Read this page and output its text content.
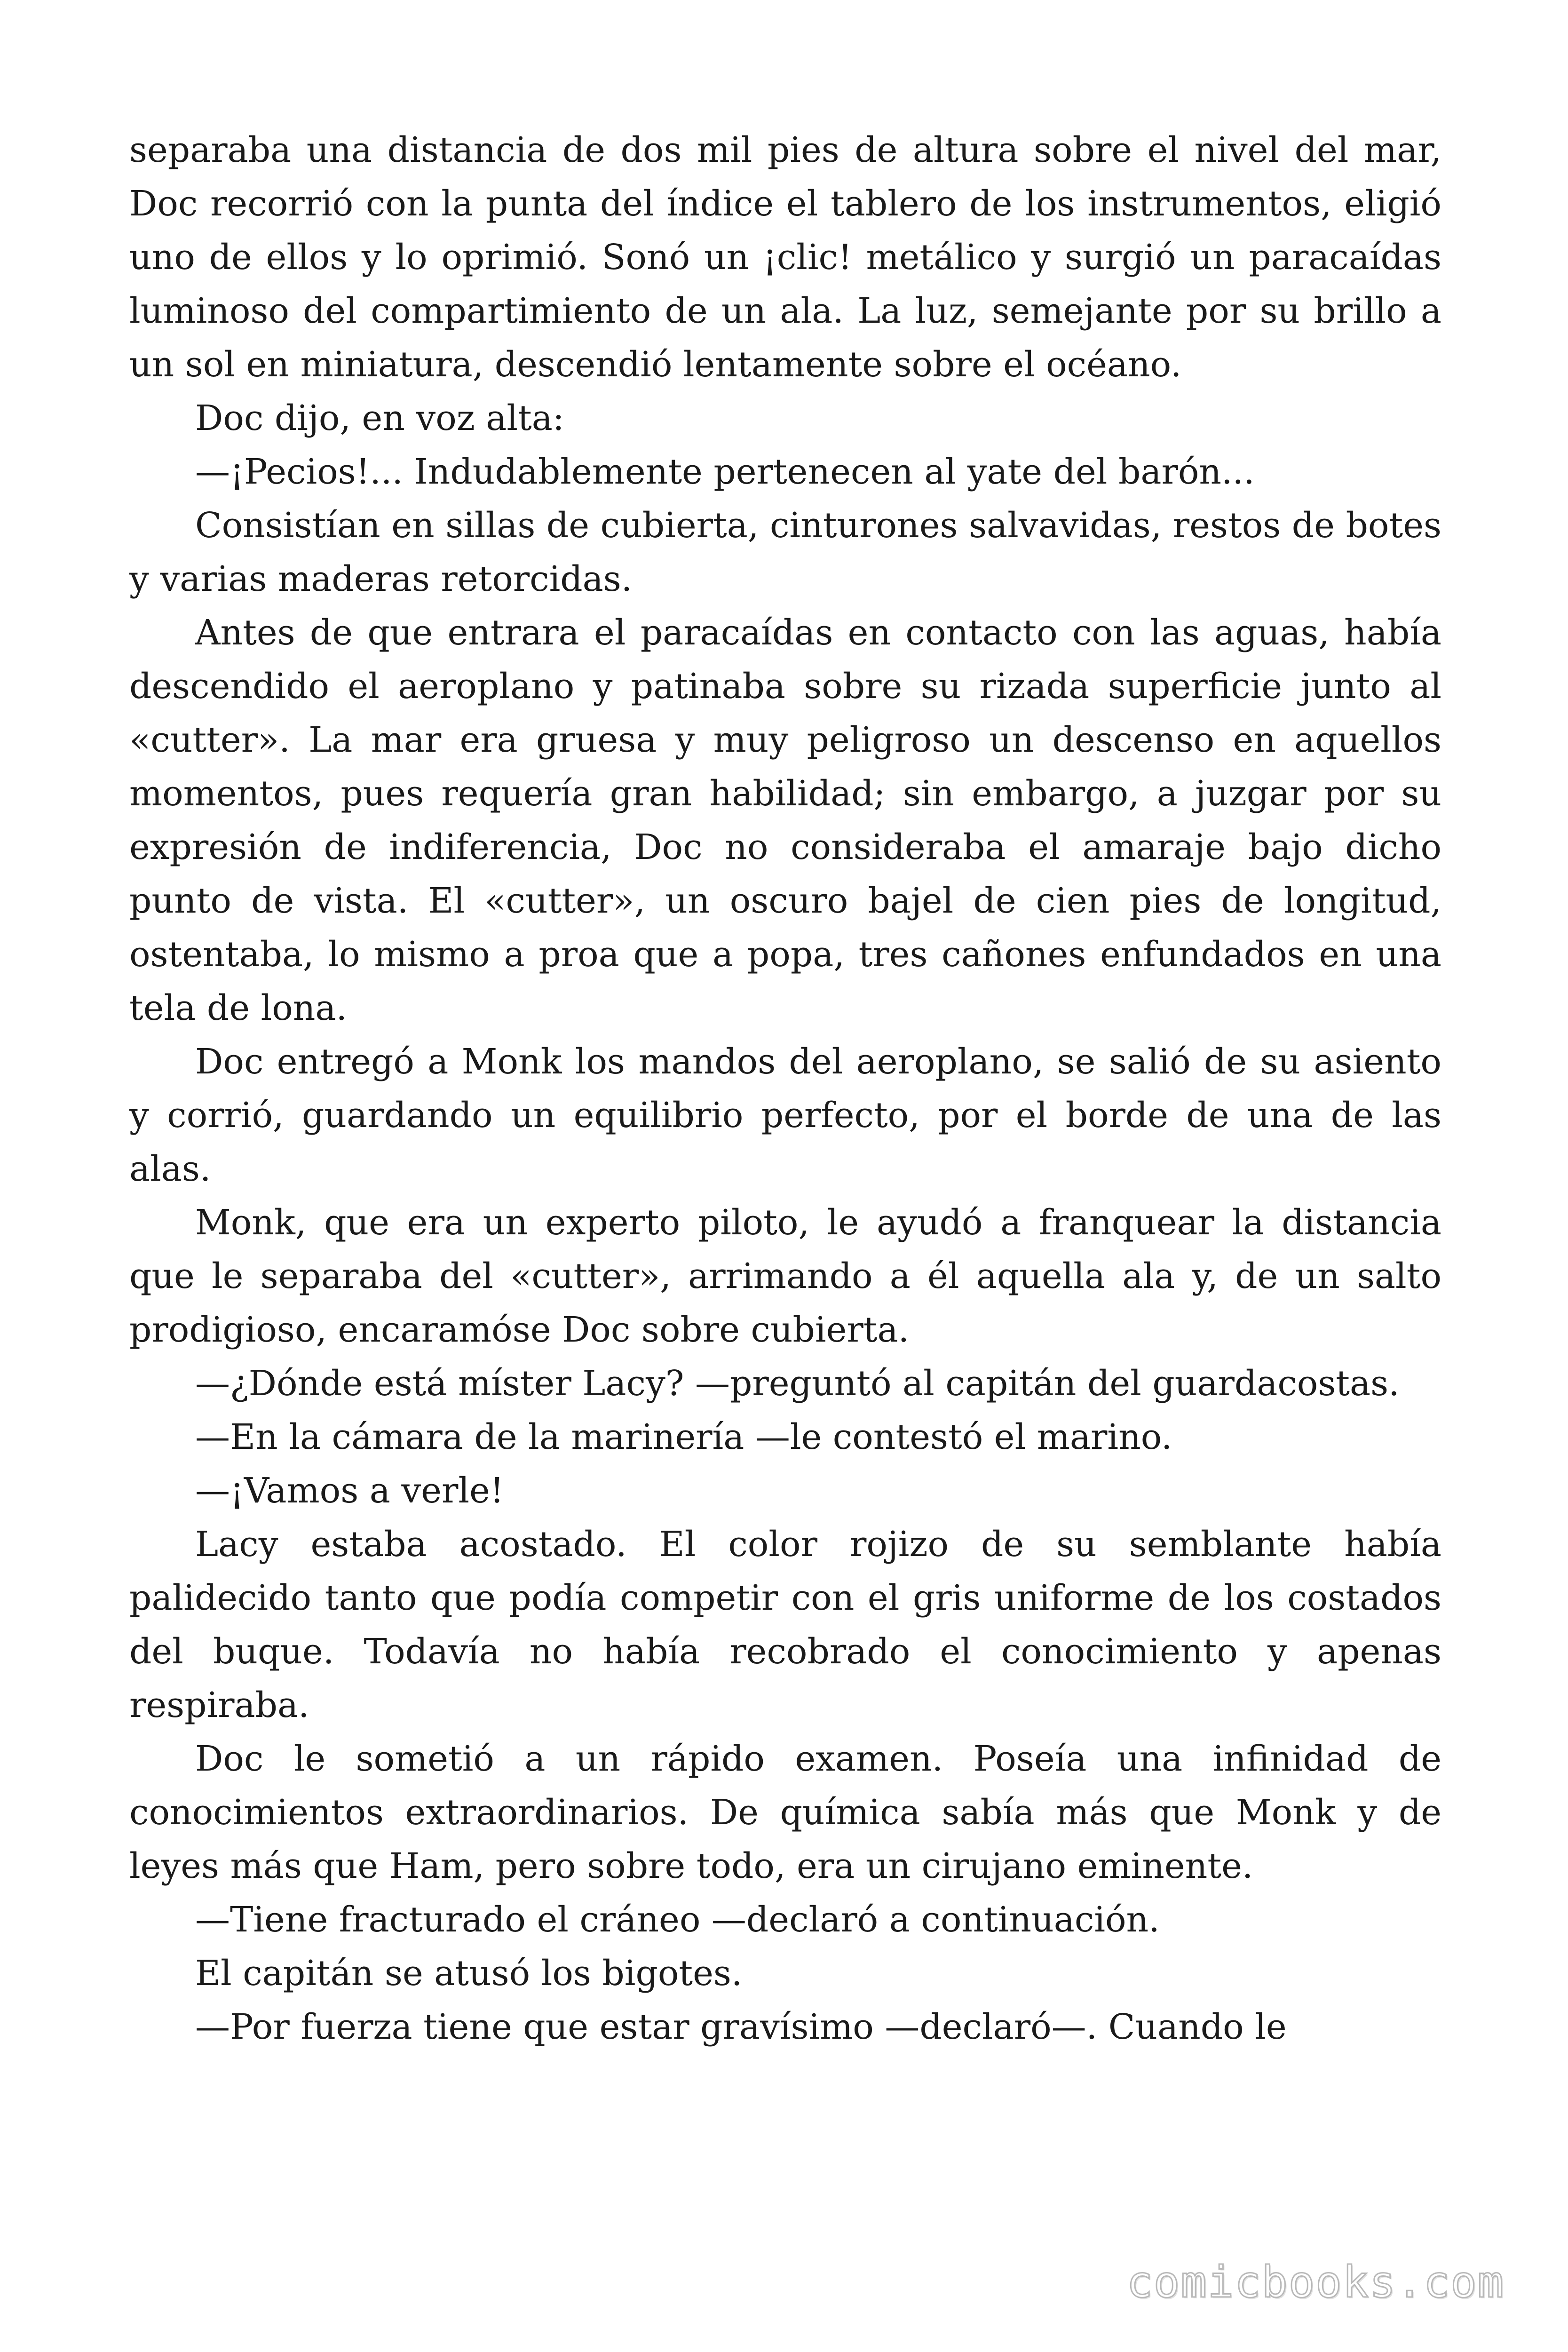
separaba una distancia de dos mil pies de altura sobre el nivel del mar, Doc recorrió con la punta del índice el tablero de los instrumentos, eligió uno de ellos y lo oprimió. Sonó un ¡clic! metálico y surgió un paracaídas luminoso del compartimiento de un ala. La luz, semejante por su brillo a un sol en miniatura, descendió lentamente sobre el océano.

Doc dijo, en voz alta:

—¡Pecios!... Indudablemente pertenecen al yate del barón...

Consistían en sillas de cubierta, cinturones salvavidas, restos de botes y varias maderas retorcidas.

Antes de que entrara el paracaídas en contacto con las aguas, había descendido el aeroplano y patinaba sobre su rizada superficie junto al «cutter». La mar era gruesa y muy peligroso un descenso en aquellos momentos, pues requería gran habilidad; sin embargo, a juzgar por su expresión de indiferencia, Doc no consideraba el amaraje bajo dicho punto de vista. El «cutter», un oscuro bajel de cien pies de longitud, ostentaba, lo mismo a proa que a popa, tres cañones enfundados en una tela de lona.

Doc entregó a Monk los mandos del aeroplano, se salió de su asiento y corrió, guardando un equilibrio perfecto, por el borde de una de las alas.

Monk, que era un experto piloto, le ayudó a franquear la distancia que le separaba del «cutter», arrimando a él aquella ala y, de un salto prodigioso, encaramóse Doc sobre cubierta.

—¿Dónde está míster Lacy? —preguntó al capitán del guardacostas.

—En la cámara de la marinería —le contestó el marino.

—¡Vamos a verle!

Lacy estaba acostado. El color rojizo de su semblante había palidecido tanto que podía competir con el gris uniforme de los costados del buque. Todavía no había recobrado el conocimiento y apenas respiraba.

Doc le sometió a un rápido examen. Poseía una infinidad de conocimientos extraordinarios. De química sabía más que Monk y de leyes más que Ham, pero sobre todo, era un cirujano eminente.

—Tiene fracturado el cráneo —declaró a continuación.

El capitán se atusó los bigotes.

—Por fuerza tiene que estar gravísimo —declaró—. Cuando le

comicbooks.com
